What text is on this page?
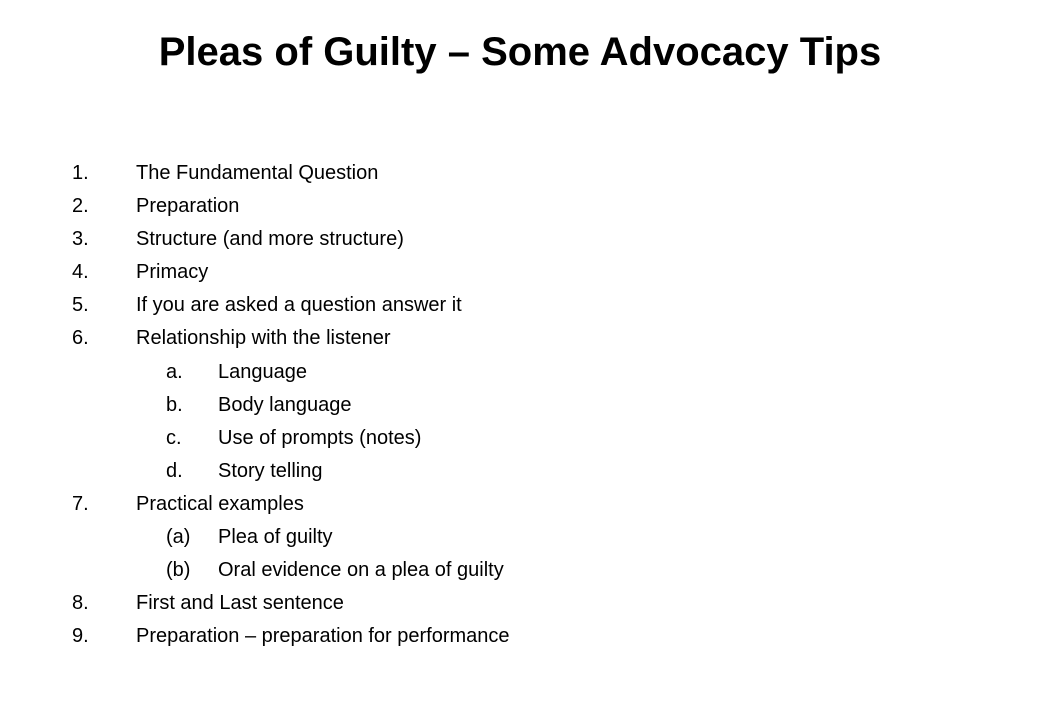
Pleas of Guilty – Some Advocacy Tips
1. The Fundamental Question
2. Preparation
3. Structure (and more structure)
4. Primacy
5. If you are asked a question answer it
6. Relationship with the listener
a. Language
b. Body language
c. Use of prompts (notes)
d. Story telling
7. Practical examples
(a) Plea of guilty
(b) Oral evidence on a plea of guilty
8. First and Last sentence
9. Preparation – preparation for performance
